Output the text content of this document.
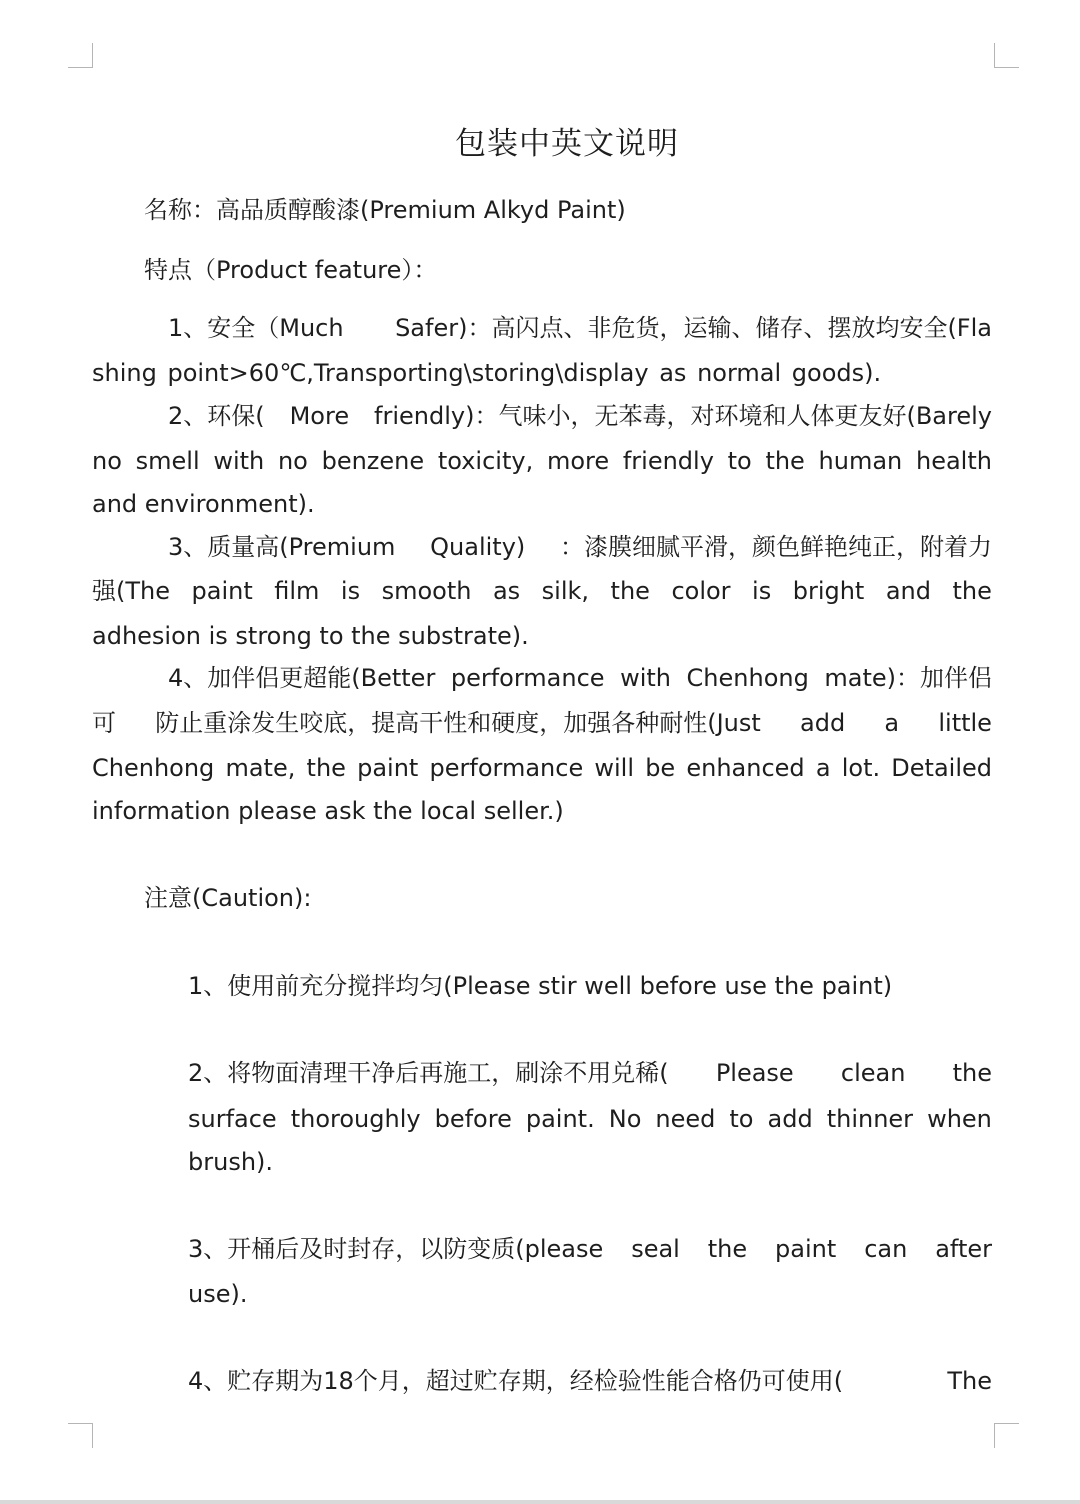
包装中英文说明
名称：高品质醇酸漆(Premium Alkyd Paint)
特点（Product feature）：
1、安全（Much Safer)：高闪点、非危货，运输、储存、摆放均安全(Fla
shing point>60℃,Transporting\storing\display as normal goods).
2、环保( More friendly)：气味小，无苯毒，对环境和人体更友好(Barely
no smell with no benzene toxicity, more friendly to the human health
and environment).
3、质量高(Premium Quality) ：漆膜细腻平滑，颜色鲜艳纯正，附着力
强(The paint film is smooth as silk, the color is bright and the
adhesion is strong to the substrate).
4、加伴侣更超能(Better performance with Chenhong mate)：加伴侣
可 防止重涂发生咬底，提高干性和硬度，加强各种耐性(Just add a little
Chenhong mate, the paint performance will be enhanced a lot. Detailed
information please ask the local seller.)
注意(Caution):
1、使用前充分搅拌均匀(Please stir well before use the paint)
2、将物面清理干净后再施工，刷涂不用兑稀( Please clean the
surface thoroughly before paint. No need to add thinner when
brush).
3、开桶后及时封存，以防变质(please seal the paint can after
use).
4、贮存期为18个月，超过贮存期，经检验性能合格仍可使用(	The
